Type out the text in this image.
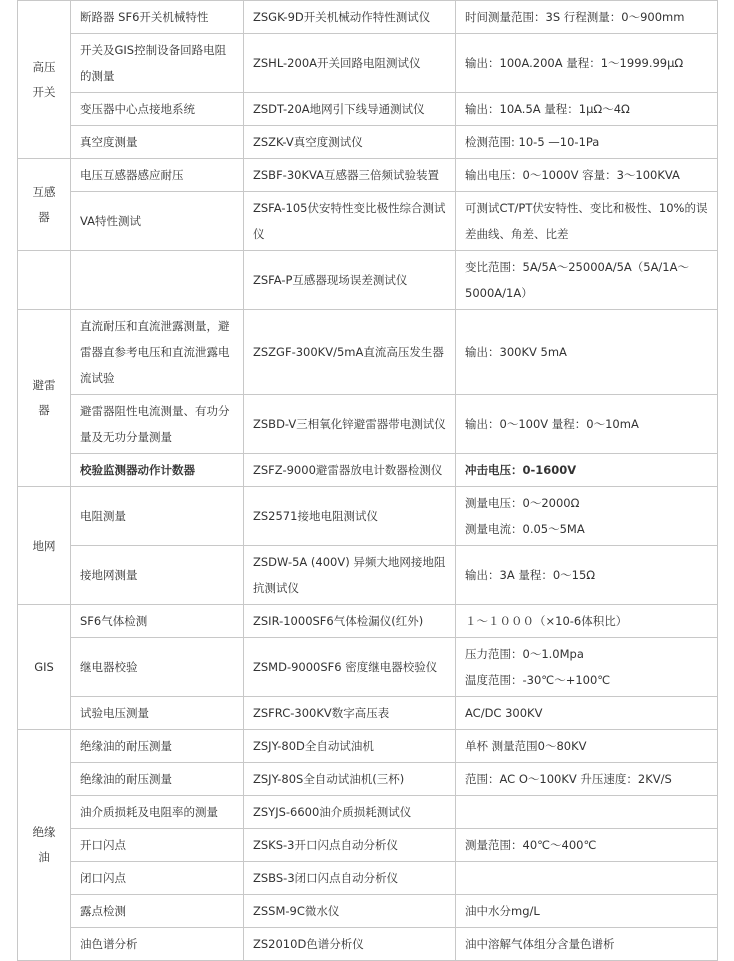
高压开关	断路器 SF6开关机械特性	ZSGK-9D开关机械动作特性测试仪	时间测量范围：3S 行程测量：0～900mm
	开关及GIS控制设备回路电阻的测量	ZSHL-200A开关回路电阻测试仪	输出：100A.200A 量程：1～1999.99μΩ
	变压器中心点接地系统	ZSDT-20A地网引下线导通测试仪	输出：10A.5A 量程：1μΩ～4Ω
	真空度测量	ZSZK-V真空度测试仪	检测范围: 10-5 —10-1Pa
互感器	电压互感器感应耐压	ZSBF-30KVA互感器三倍频试验装置	输出电压：0～1000V 容量：3～100KVA
	VA特性测试	ZSFA-105伏安特性变比极性综合测试仪	可测试CT/PT伏安特性、变比和极性、10%的误差曲线、角差、比差
		ZSFA-P互感器现场误差测试仪	变比范围：5A/5A～25000A/5A（5A/1A～5000A/1A）
避雷器	直流耐压和直流泄露测量，避雷器直参考电压和直流泄露电流试验	ZSZGF-300KV/5mA直流高压发生器	输出：300KV 5mA
	避雷器阻性电流测量、有功分量及无功分量测量	ZSBD-V三相氧化锌避雷器带电测试仪	输出：0～100V 量程：0～10mA
	校验监测器动作计数器	ZSFZ-9000避雷器放电计数器检测仪	冲击电压：0-1600V
地网	电阻测量	ZS2571接地电阻测试仪	测量电压：0～2000Ω
测量电流：0.05～5MA

	接地网测量	ZSDW-5A (400V) 异频大地网接地阻抗测试仪	输出：3A 量程：0～15Ω
GIS	SF6气体检测	ZSIR-1000SF6气体检漏仪(红外)	１～１０００（×10-6体积比）
	继电器校验	ZSMD-9000SF6 密度继电器校验仪	压力范围：0～1.0Mpa
温度范围：-30℃～+100℃

	试验电压测量	ZSFRC-300KV数字高压表	AC/DC 300KV
绝缘油	绝缘油的耐压测量	ZSJY-80D全自动试油机	单杯 测量范围0～80KV
	绝缘油的耐压测量	ZSJY-80S全自动试油机(三杯)	范围：AC O～100KV 升压速度：2KV/S
	油介质损耗及电阻率的测量	ZSYJS-6600油介质损耗测试仪	
	开口闪点	ZSKS-3开口闪点自动分析仪	测量范围：40℃～400℃
	闭口闪点	ZSBS-3闭口闪点自动分析仪	
	露点检测	ZSSM-9C微水仪	油中水分mg/L
	油色谱分析	ZS2010D色谱分析仪	油中溶解气体组分含量色谱析
